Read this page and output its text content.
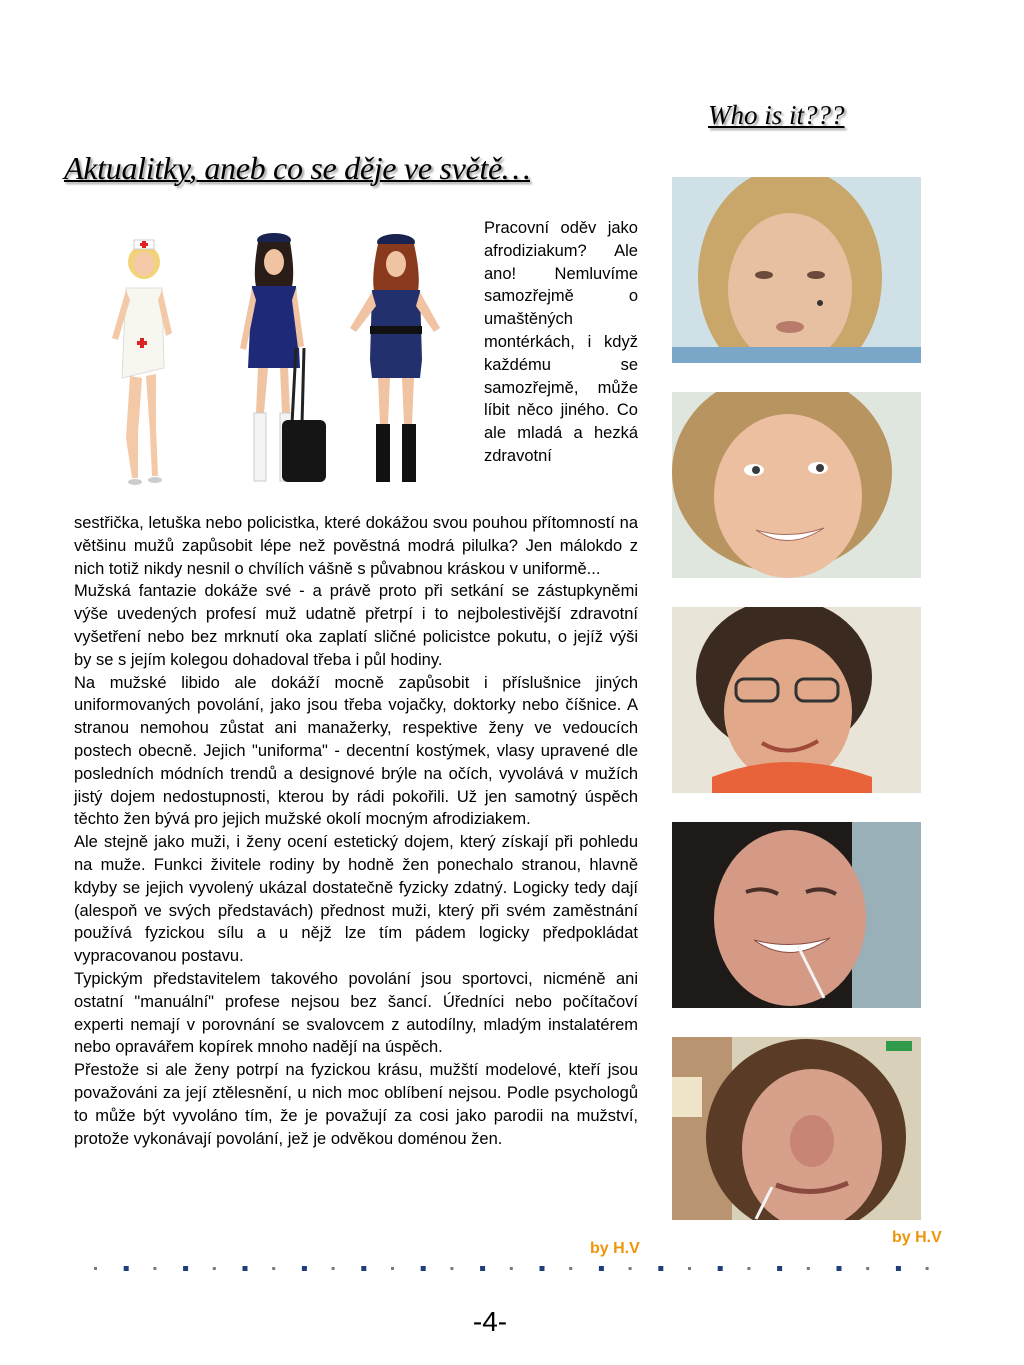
Aktualitky, aneb co se děje ve světě…
Who is it???

Pracovní oděv jako afrodiziakum? Ale ano! Nemluvíme samozřejmě o umaštěných montérkách, i když každému se samozřejmě, může líbit něco jiného. Co ale mladá a hezká zdravotní

sestřička, letuška nebo policistka, které dokážou svou pouhou přítomností na většinu mužů zapůsobit lépe než pověstná modrá pilulka? Jen málokdo z nich totiž nikdy nesnil o chvílích vášně s půvabnou kráskou v uniformě...

Mužská fantazie dokáže své - a právě proto při setkání se zástupkyněmi výše uvedených profesí muž udatně přetrpí i to nejbolestivější zdravotní vyšetření nebo bez mrknutí oka zaplatí sličné policistce pokutu, o jejíž výši by se s jejím kolegou dohadoval třeba i půl hodiny.

Na mužské libido ale dokáží mocně zapůsobit i příslušnice jiných uniformovaných povolání, jako jsou třeba vojačky, doktorky nebo číšnice. A stranou nemohou zůstat ani manažerky, respektive ženy ve vedoucích postech obecně. Jejich "uniforma" - decentní kostýmek, vlasy upravené dle posledních módních trendů a designové brýle na očích, vyvolává v mužích jistý dojem nedostupnosti, kterou by rádi pokořili. Už jen samotný úspěch těchto žen bývá pro jejich mužské okolí mocným afrodiziakem.

Ale stejně jako muži, i ženy ocení estetický dojem, který získají při pohledu na muže. Funkci živitele rodiny by hodně žen ponechalo stranou, hlavně kdyby se jejich vyvolený ukázal dostatečně fyzicky zdatný. Logicky tedy dají (alespoň ve svých představách) přednost muži, který při svém zaměstnání používá fyzickou sílu a u nějž lze tím pádem logicky předpokládat vypracovanou postavu.

Typickým představitelem takového povolání jsou sportovci, nicméně ani ostatní "manuální" profese nejsou bez šancí. Úředníci nebo počítačoví experti nemají v porovnání se svalovcem z autodílny, mladým instalatérem nebo opravářem kopírek mnoho nadějí na úspěch.

Přestože si ale ženy potrpí na fyzickou krásu, mužští modelové, kteří jsou považováni za její ztělesnění, u nich moc oblíbení nejsou. Podle psychologů to může být vyvoláno tím, že je považují za cosi jako parodii na mužství, protože vykonávají povolání, jež je odvěkou doménou žen.

by H.V
by H.V
-4-
